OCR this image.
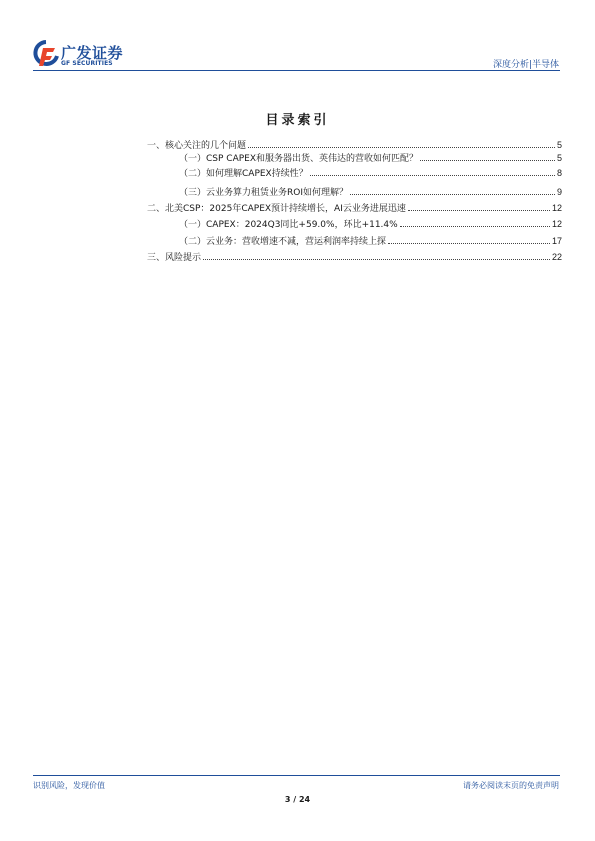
广发证券
GF SECURITIES	深度分析|半导体
目录索引
一、核心关注的几个问题	5
（一）CSP CAPEX和服务器出货、英伟达的营收如何匹配？	5
（二）如何理解CAPEX持续性？	8
（三）云业务算力租赁业务ROI如何理解？	9
二、北美CSP：2025年CAPEX预计持续增长，AI云业务进展迅速	12
（一）CAPEX：2024Q3同比+59.0%，环比+11.4%	12
（二）云业务：营收增速不减，营运利润率持续上探	17
三、风险提示	22
识别风险，发现价值	请务必阅读末页的免责声明
3 / 24
